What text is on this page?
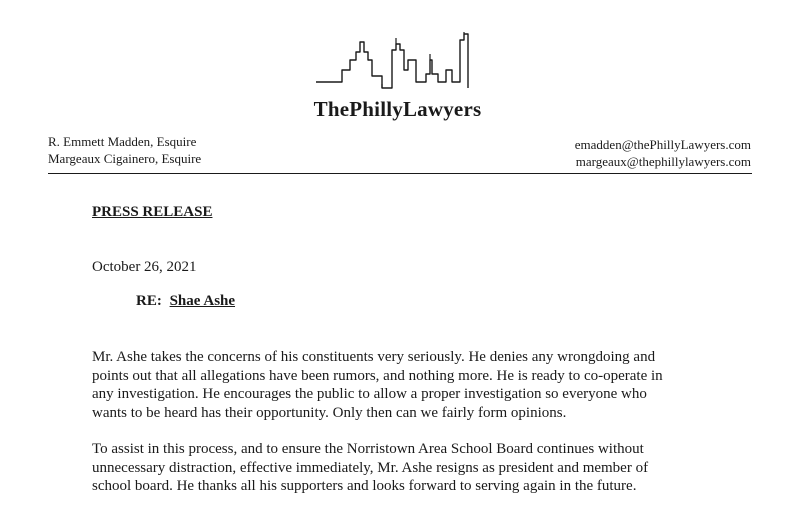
ThePhillyLawyers
R. Emmett Madden, Esquire
Margeaux Cigainero, Esquire
emadden@thePhillyLawyers.com
margeaux@thephillylawyers.com
PRESS RELEASE
October 26, 2021
RE: Shae Ashe
Mr. Ashe takes the concerns of his constituents very seriously. He denies any wrongdoing and
points out that all allegations have been rumors, and nothing more. He is ready to co-operate in
any investigation. He encourages the public to allow a proper investigation so everyone who
wants to be heard has their opportunity. Only then can we fairly form opinions.
To assist in this process, and to ensure the Norristown Area School Board continues without
unnecessary distraction, effective immediately, Mr. Ashe resigns as president and member of
school board. He thanks all his supporters and looks forward to serving again in the future.
